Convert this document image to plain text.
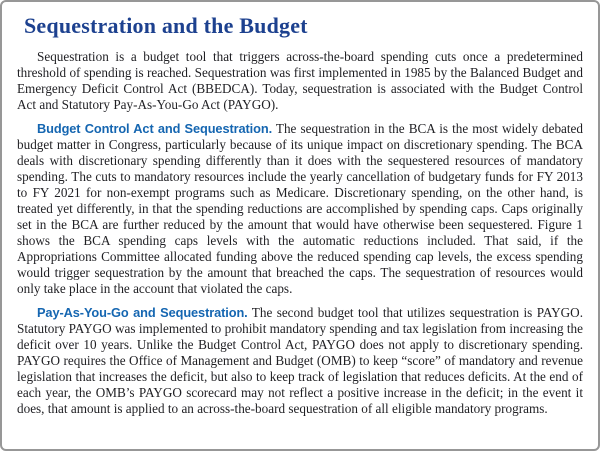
Sequestration and the Budget

Sequestration is a budget tool that triggers across-the-board spending cuts once a predetermined threshold of spending is reached. Sequestration was first implemented in 1985 by the Balanced Budget and Emergency Deficit Control Act (BBEDCA). Today, sequestration is associated with the Budget Control Act and Statutory Pay-As-You-Go Act (PAYGO).

Budget Control Act and Sequestration. The sequestration in the BCA is the most widely debated budget matter in Congress, particularly because of its unique impact on discretionary spending. The BCA deals with discretionary spending differently than it does with the sequestered resources of mandatory spending. The cuts to mandatory resources include the yearly cancellation of budgetary funds for FY 2013 to FY 2021 for non-exempt programs such as Medicare. Discretionary spending, on the other hand, is treated yet differently, in that the spending reductions are accomplished by spending caps. Caps originally set in the BCA are further reduced by the amount that would have otherwise been sequestered. Figure 1 shows the BCA spending caps levels with the automatic reductions included. That said, if the Appropriations Committee allocated funding above the reduced spending cap levels, the excess spending would trigger sequestration by the amount that breached the caps. The sequestration of resources would only take place in the account that violated the caps.

Pay-As-You-Go and Sequestration. The second budget tool that utilizes sequestration is PAYGO. Statutory PAYGO was implemented to prohibit mandatory spending and tax legislation from increasing the deficit over 10 years. Unlike the Budget Control Act, PAYGO does not apply to discretionary spending. PAYGO requires the Office of Management and Budget (OMB) to keep “score” of mandatory and revenue legislation that increases the deficit, but also to keep track of legislation that reduces deficits. At the end of each year, the OMB’s PAYGO scorecard may not reflect a positive increase in the deficit; in the event it does, that amount is applied to an across-the-board sequestration of all eligible mandatory programs.
